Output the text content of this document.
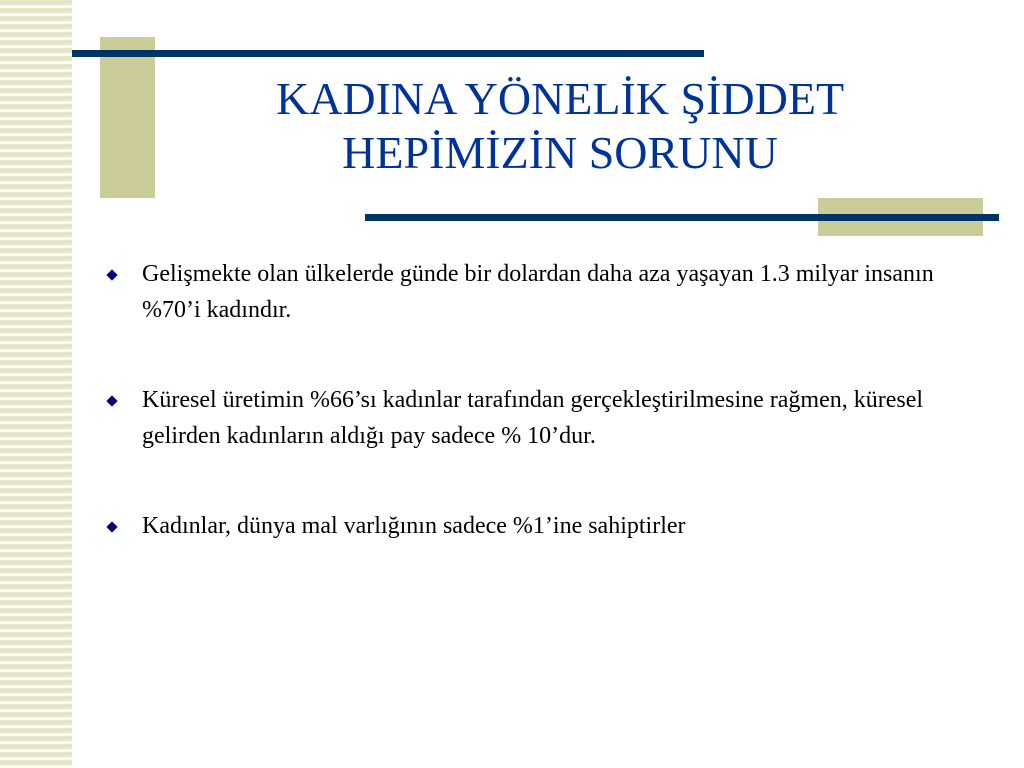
KADINA YÖNELİK ŞİDDET
HEPİMİZİN SORUNU
Gelişmekte olan ülkelerde günde bir dolardan daha aza yaşayan 1.3 milyar insanın %70’i kadındır.
Küresel üretimin %66’sı kadınlar tarafından gerçekleştirilmesine rağmen, küresel gelirden kadınların aldığı pay sadece % 10’dur.
Kadınlar, dünya mal varlığının sadece %1’ine sahiptirler
